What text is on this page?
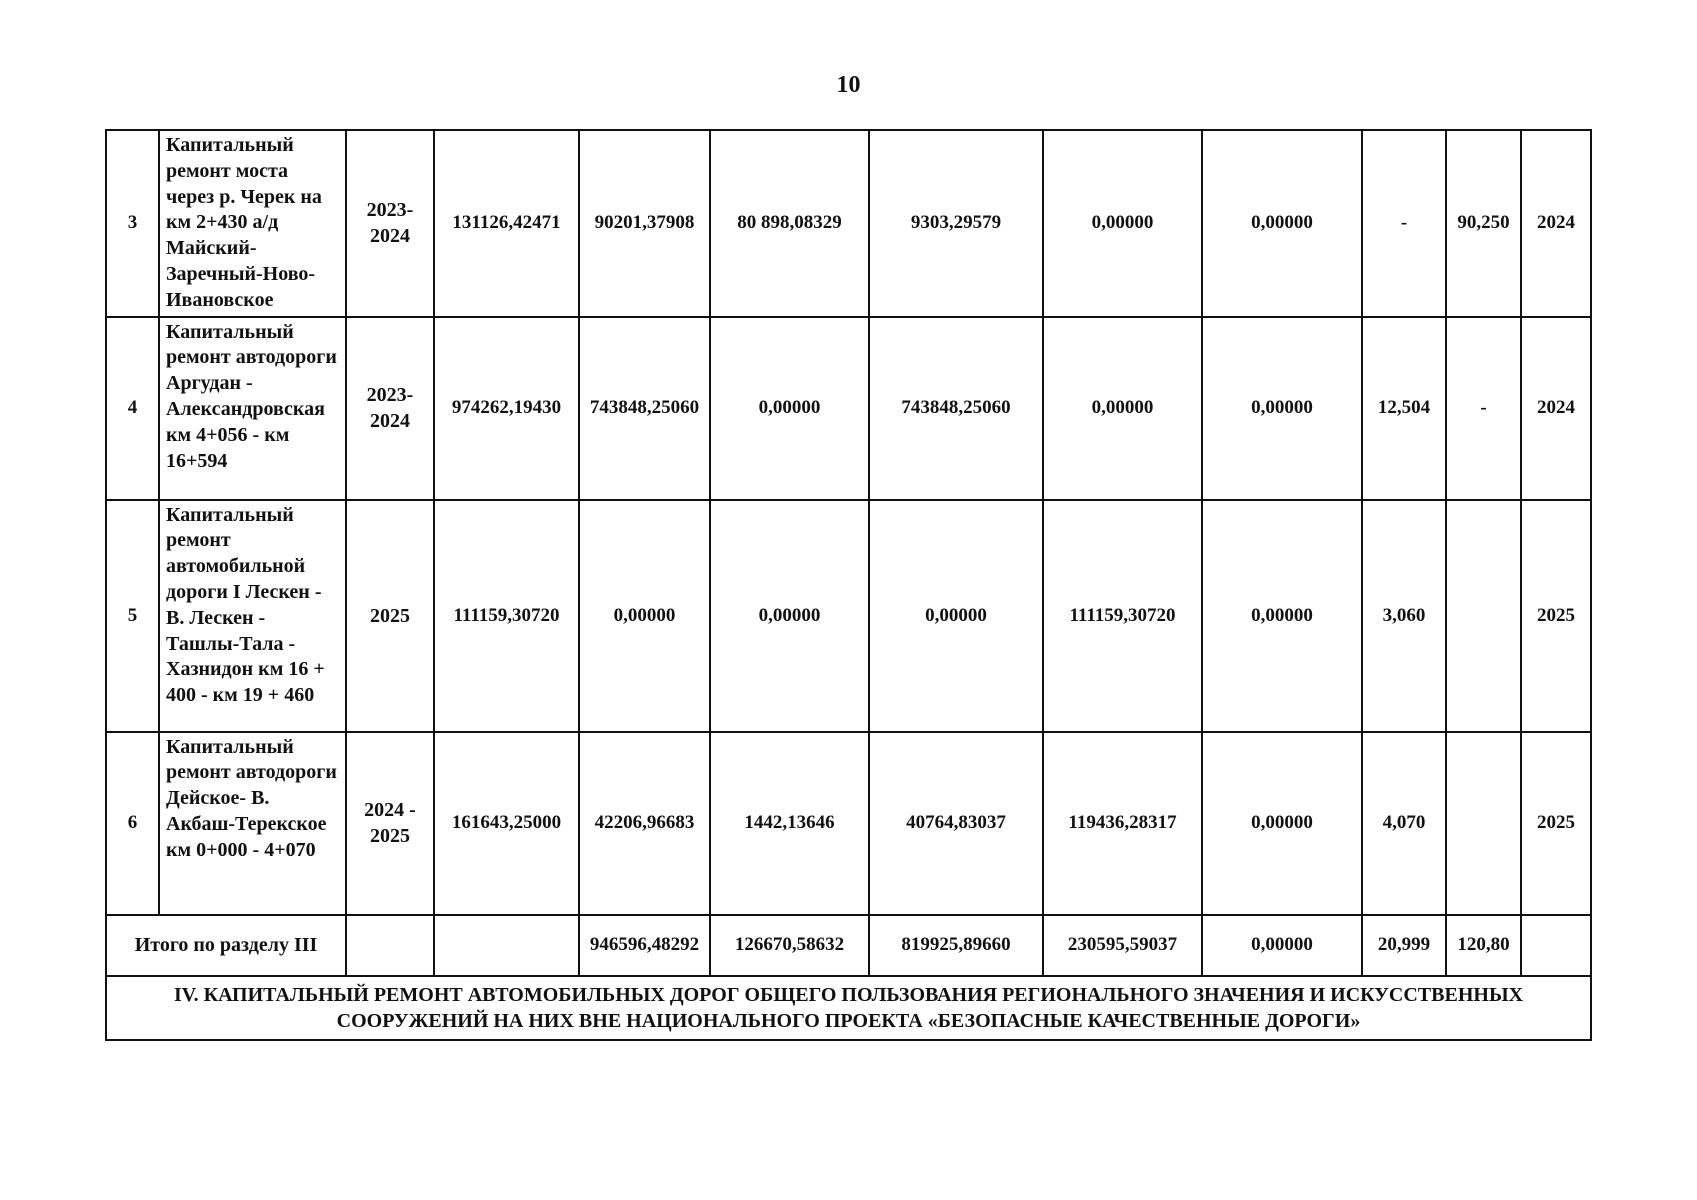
10
3	Капитальный ремонт моста через р. Черек на км 2+430 а/д Майский-Заречный-Ново-Ивановское	2023-2024	131126,42471	90201,37908	80 898,08329	9303,29579	0,00000	0,00000	-	90,250	2024
4	Капитальный ремонт автодороги Аргудан - Александровская км 4+056 - км 16+594	2023-2024	974262,19430	743848,25060	0,00000	743848,25060	0,00000	0,00000	12,504	-	2024
5	Капитальный ремонт автомобильной дороги I Лескен - В. Лескен - Ташлы-Тала - Хазнидон км 16 + 400 - км 19 + 460	2025	111159,30720	0,00000	0,00000	0,00000	111159,30720	0,00000	3,060		2025
6	Капитальный ремонт автодороги Дейское- В. Акбаш-Терекское км 0+000 - 4+070	2024 - 2025	161643,25000	42206,96683	1442,13646	40764,83037	119436,28317	0,00000	4,070		2025
Итого по разделу III				946596,48292	126670,58632	819925,89660	230595,59037	0,00000	20,999	120,80	
IV. КАПИТАЛЬНЫЙ РЕМОНТ АВТОМОБИЛЬНЫХ ДОРОГ ОБЩЕГО ПОЛЬЗОВАНИЯ РЕГИОНАЛЬНОГО ЗНАЧЕНИЯ И ИСКУССТВЕННЫХ СООРУЖЕНИЙ НА НИХ ВНЕ НАЦИОНАЛЬНОГО ПРОЕКТА «БЕЗОПАСНЫЕ КАЧЕСТВЕННЫЕ ДОРОГИ»											
